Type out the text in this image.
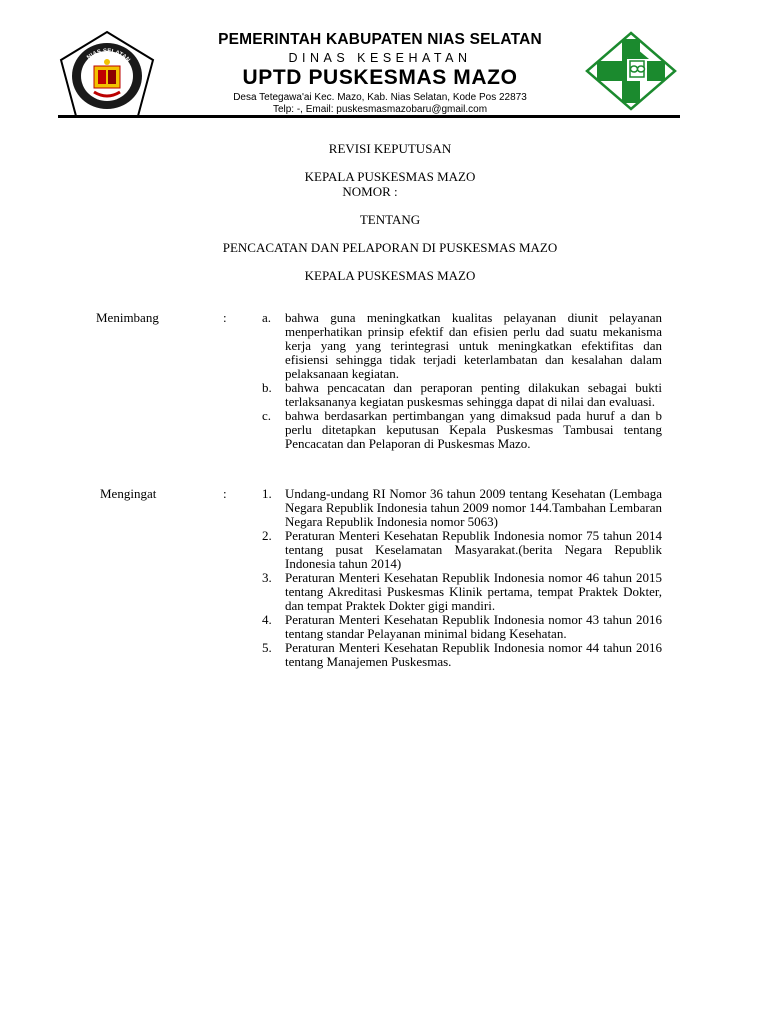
NIAS SELATAN
PEMERINTAH KABUPATEN NIAS SELATAN
DINAS KESEHATAN
UPTD PUSKESMAS MAZO
Desa Tetegawa'ai Kec. Mazo, Kab. Nias Selatan, Kode Pos 22873
Telp: -, Email: puskesmasmazobaru@gmail.com
REVISI KEPUTUSAN
KEPALA PUSKESMAS MAZO
NOMOR :
TENTANG
PENCACATAN DAN PELAPORAN DI PUSKESMAS MAZO
KEPALA PUSKESMAS MAZO
Menimbang	:	a. bahwa guna meningkatkan kualitas pelayanan diunit pelayanan menperhatikan prinsip efektif dan efisien perlu dad suatu mekanisma kerja yang yang terintegrasi untuk meningkatkan efektifitas dan efisiensi sehingga tidak terjadi keterlambatan dan kesalahan dalam pelaksanaan kegiatan.
b. bahwa pencacatan dan peraporan penting dilakukan sebagai bukti terlaksananya kegiatan puskesmas sehingga dapat di nilai dan evaluasi.
c. bahwa berdasarkan pertimbangan yang dimaksud pada huruf a dan b perlu ditetapkan keputusan Kepala Puskesmas Tambusai tentang Pencacatan dan Pelaporan di Puskesmas Mazo.
Mengingat	:	1. Undang-undang RI Nomor 36 tahun 2009 tentang Kesehatan (Lembaga Negara Republik Indonesia tahun 2009 nomor 144.Tambahan Lembaran Negara Republik Indonesia nomor 5063)
2. Peraturan Menteri Kesehatan Republik Indonesia nomor 75 tahun 2014 tentang pusat Keselamatan Masyarakat.(berita Negara Republik Indonesia tahun 2014)
3. Peraturan Menteri Kesehatan Republik Indonesia nomor 46 tahun 2015 tentang Akreditasi Puskesmas Klinik pertama, tempat Praktek Dokter, dan tempat Praktek Dokter gigi mandiri.
4. Peraturan Menteri Kesehatan Republik Indonesia nomor 43 tahun 2016 tentang standar Pelayanan minimal bidang Kesehatan.
5. Peraturan Menteri Kesehatan Republik Indonesia nomor 44 tahun 2016 tentang Manajemen Puskesmas.
